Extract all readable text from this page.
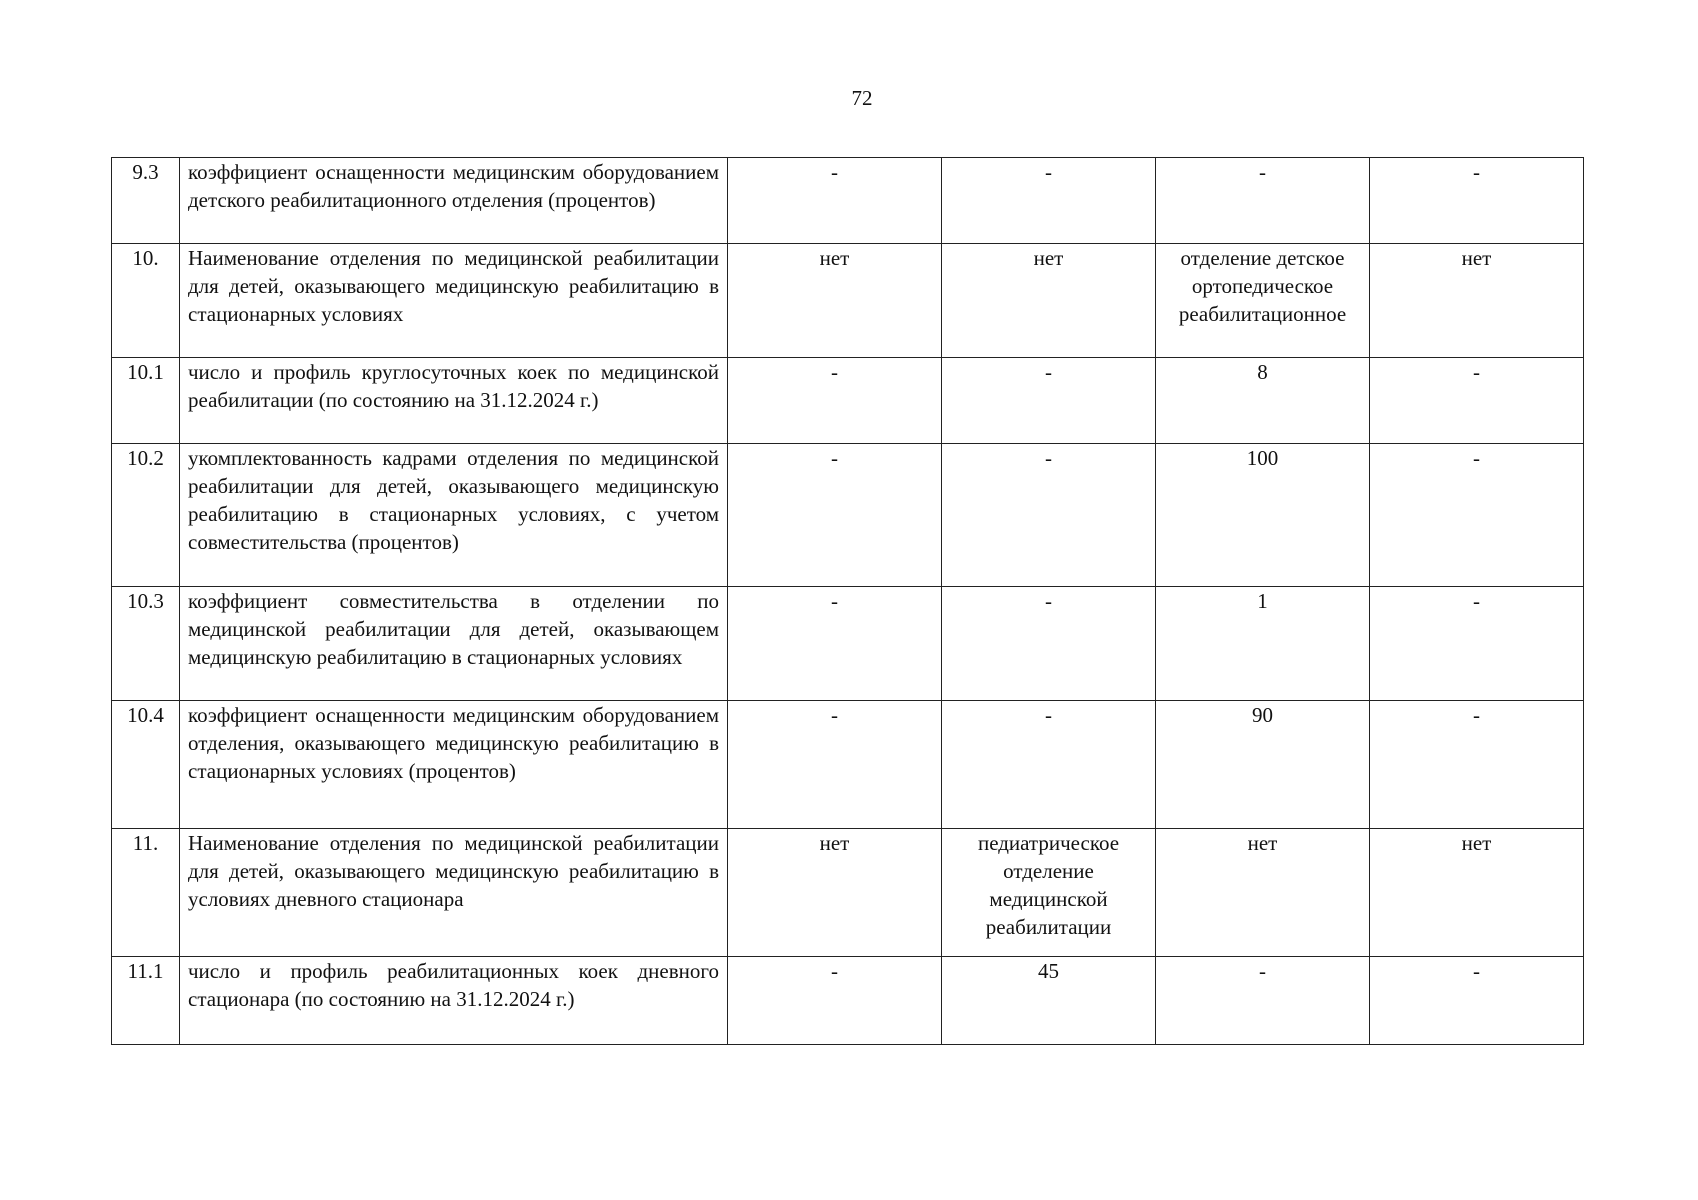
72
9.3	коэффициент оснащенности медицинским оборудованием детского реабилитационного отделения (процентов)	-	-	-	-
10.	Наименование отделения по медицинской реабилитации для детей, оказывающего медицинскую реабилитацию в стационарных условиях	нет	нет	отделение детское ортопедическое реабилитационное	нет
10.1	число и профиль круглосуточных коек по медицинской реабилитации (по состоянию на 31.12.2024 г.)	-	-	8	-
10.2	укомплектованность кадрами отделения по медицинской реабилитации для детей, оказывающего медицинскую реабилитацию в стационарных условиях, с учетом совместительства (процентов)	-	-	100	-
10.3	коэффициент совместительства в отделении по медицинской реабилитации для детей, оказывающем медицинскую реабилитацию в стационарных условиях	-	-	1	-
10.4	коэффициент оснащенности медицинским оборудованием отделения, оказывающего медицинскую реабилитацию в стационарных условиях (процентов)	-	-	90	-
11.	Наименование отделения по медицинской реабилитации для детей, оказывающего медицинскую реабилитацию в условиях дневного стационара	нет	педиатрическое отделение медицинской реабилитации	нет	нет
11.1	число и профиль реабилитационных коек дневного стационара (по состоянию на 31.12.2024 г.)	-	45	-	-
